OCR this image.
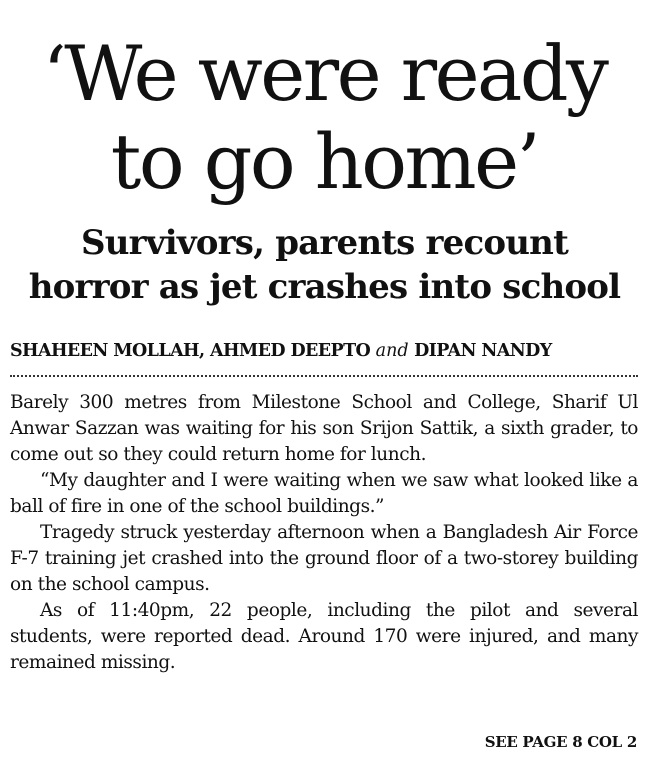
‘We were ready
to go home’
Survivors, parents recount
horror as jet crashes into school
SHAHEEN MOLLAH, AHMED DEEPTO and DIPAN NANDY

Barely 300 metres from Milestone School and College, Sharif Ul Anwar Sazzan was waiting for his son Srijon Sattik, a sixth grader, to come out so they could return home for lunch.

“My daughter and I were waiting when we saw what looked like a ball of fire in one of the school buildings.”

Tragedy struck yesterday afternoon when a Bangladesh Air Force F-7 training jet crashed into the ground floor of a two-storey building on the school campus.

As of 11:40pm, 22 people, including the pilot and several students, were reported dead. Around 170 were injured, and many remained missing.

SEE PAGE 8 COL 2
